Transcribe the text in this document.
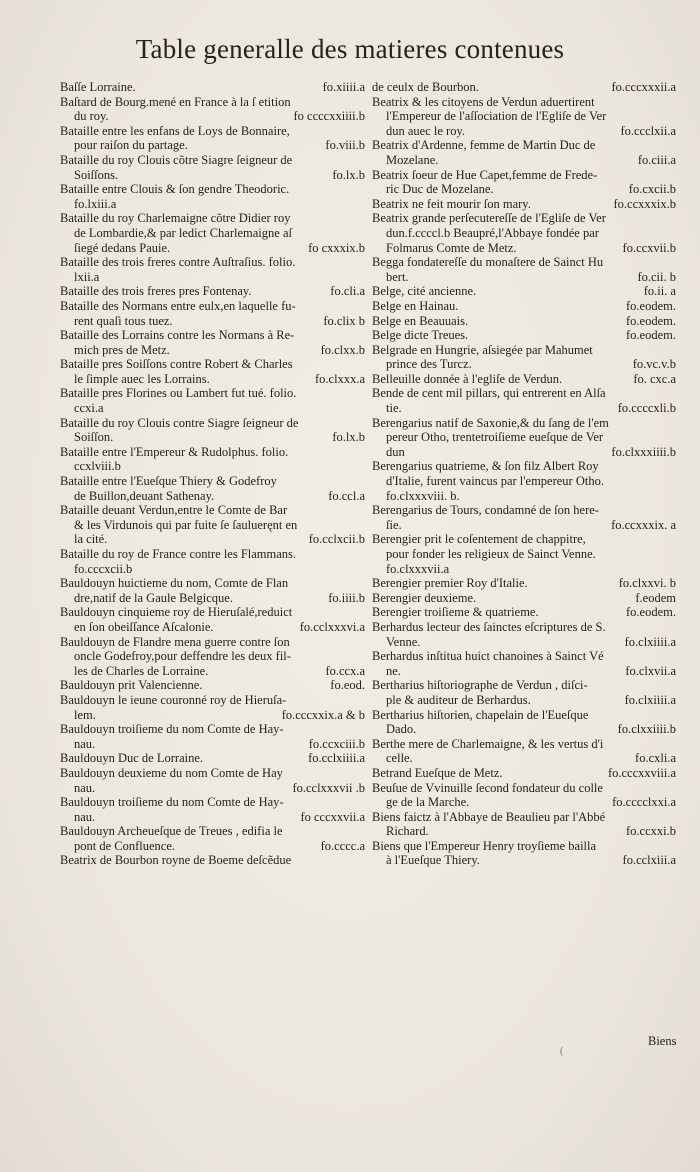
Table generalle des matieres contenues
Baſſe Lorraine.	fo.xiiii.a
Baſtard de Bourg.mené en France à la ſ etition
du roy.	fo ccccxxiiii.b
Bataille entre les enfans de Loys de Bonnaire,
pour raiſon du partage.	fo.viii.b
Bataille du roy Clouis cõtre Siagre ſeigneur de
Soiſſons.	fo.lx.b
Bataille entre Clouis & ſon gendre Theodoric.
fo.lxiii.a
Bataille du roy Charlemaigne cõtre Didier roy
de Lombardie,& par ledict Charlemaigne aſ
ſiegé dedans Pauie.	fo cxxxix.b
Bataille des trois freres contre Auſtraſius. folio.
lxii.a
Bataille des trois freres pres Fontenay.	fo.cli.a
Bataille des Normans entre eulx,en laquelle fu-
rent quaſi tous tuez.	fo.clix b
Bataille des Lorrains contre les Normans à Re-
mich pres de Metz.	fo.clxx.b
Bataille pres Soiſſons contre Robert & Charles
le ſimple auec les Lorrains.	fo.clxxx.a
Bataille pres Florines ou Lambert fut tué. folio.
ccxi.a
Bataille du roy Clouis contre Siagre ſeigneur de
Soiſſon.	fo.lx.b
Bataille entre l'Empereur & Rudolphus. folio.
ccxlviii.b
Bataille entre l'Eueſque Thiery & Godefroy
de Buillon,deuant Sathenay.	fo.ccl.a
Bataille deuant Verdun,entre le Comte de Bar
& les Virdunois qui par fuite ſe ſaulueręnt en
la cité.	fo.cclxcii.b
Bataille du roy de France contre les Flammans.
fo.cccxcii.b
Bauldouyn huictieme du nom, Comte de Flan
dre,natif de la Gaule Belgicque.	fo.iiii.b
Bauldouyn cinquieme roy de Hieruſalé,reduict
en ſon obeiſſance Aſcalonie.	fo.cclxxxvi.a
Bauldouyn de Flandre mena guerre contre ſon
oncle Godefroy,pour deffendre les deux fil-
les de Charles de Lorraine.	fo.ccx.a
Bauldouyn prit Valencienne.	fo.eod.
Bauldouyn le ieune couronné roy de Hieruſa-
lem.	fo.cccxxix.a & b
Bauldouyn troiſieme du nom Comte de Hay-
nau.	fo.ccxciii.b
Bauldouyn Duc de Lorraine.	fo.cclxiiii.a
Bauldouyn deuxieme du nom Comte de Hay
nau.	fo.cclxxxvii .b
Bauldouyn troiſieme du nom Comte de Hay-
nau.	fo cccxxvii.a
Bauldouyn Archeueſque de Treues , edifia le
pont de Confluence.	fo.cccc.a
Beatrix de Bourbon royne de Boeme deſcẽdue
de ceulx de Bourbon.	fo.cccxxxii.a
Beatrix & les citoyens de Verdun aduertirent
l'Empereur de l'aſſociation de l'Egliſe de Ver
dun auec le roy.	fo.ccclxii.a
Beatrix d'Ardenne, femme de Martin Duc de
Mozelane.	fo.ciii.a
Beatrix ſoeur de Hue Capet,femme de Frede-
ric Duc de Mozelane.	fo.cxcii.b
Beatrix ne feit mourir ſon mary.	fo.ccxxxix.b
Beatrix grande perſecutereſſe de l'Egliſe de Ver
dun.f.ccccl.b Beaupré,l'Abbaye fondée par
Folmarus Comte de Metz.	fo.ccxvii.b
Begga fondatereſſe du monaſtere de Sainct Hu
bert.	fo.cii. b
Belge, cité ancienne.	fo.ii. a
Belge en Hainau.	fo.eodem.
Belge en Beauuais.	fo.eodem.
Belge dicte Treues.	fo.eodem.
Belgrade en Hungrie, aſsiegée par Mahumet
prince des Turcz.	fo.vc.v.b
Belleuille donnée à l'egliſe de Verdun.	fo. cxc.a
Bende de cent mil pillars, qui entrerent en Alſa
tie.	fo.ccccxli.b
Berengarius natif de Saxonie,& du ſang de l'em
pereur Otho, trentetroiſieme eueſque de Ver
dun	fo.clxxxiiii.b
Berengarius quatrieme, & ſon filz Albert Roy
d'Italie, furent vaincus par l'empereur Otho.
fo.clxxxviii. b.
Berengarius de Tours, condamné de ſon here-
ſie.	fo.ccxxxix. a
Berengier prit le coſentement de chappitre,
pour fonder les religieux de Sainct Venne.
fo.clxxxvii.a
Berengier premier Roy d'Italie.	fo.clxxvi. b
Berengier deuxieme.	f.eodem
Berengier troiſieme & quatrieme.	fo.eodem.
Berhardus lecteur des ſainctes eſcriptures de S.
Venne.	fo.clxiiii.a
Berhardus inſtitua huict chanoines à Sainct Vé
ne.	fo.clxvii.a
Bertharius hiſtoriographe de Verdun , diſci-
ple & auditeur de Berhardus.	fo.clxiiii.a
Bertharius hiſtorien, chapelain de l'Eueſque
Dado.	fo.clxxiiii.b
Berthe mere de Charlemaigne, & les vertus d'i
celle.	fo.cxli.a
Betrand Eueſque de Metz.	fo.cccxxviii.a
Beuſue de Vvinuille ſecond fondateur du colle
ge de la Marche.	fo.cccclxxi.a
Biens faictz à l'Abbaye de Beaulieu par l'Abbé
Richard.	fo.ccxxi.b
Biens que l'Empereur Henry troyſieme bailla
à l'Eueſque Thiery.	fo.cclxiii.a
(
Biens
